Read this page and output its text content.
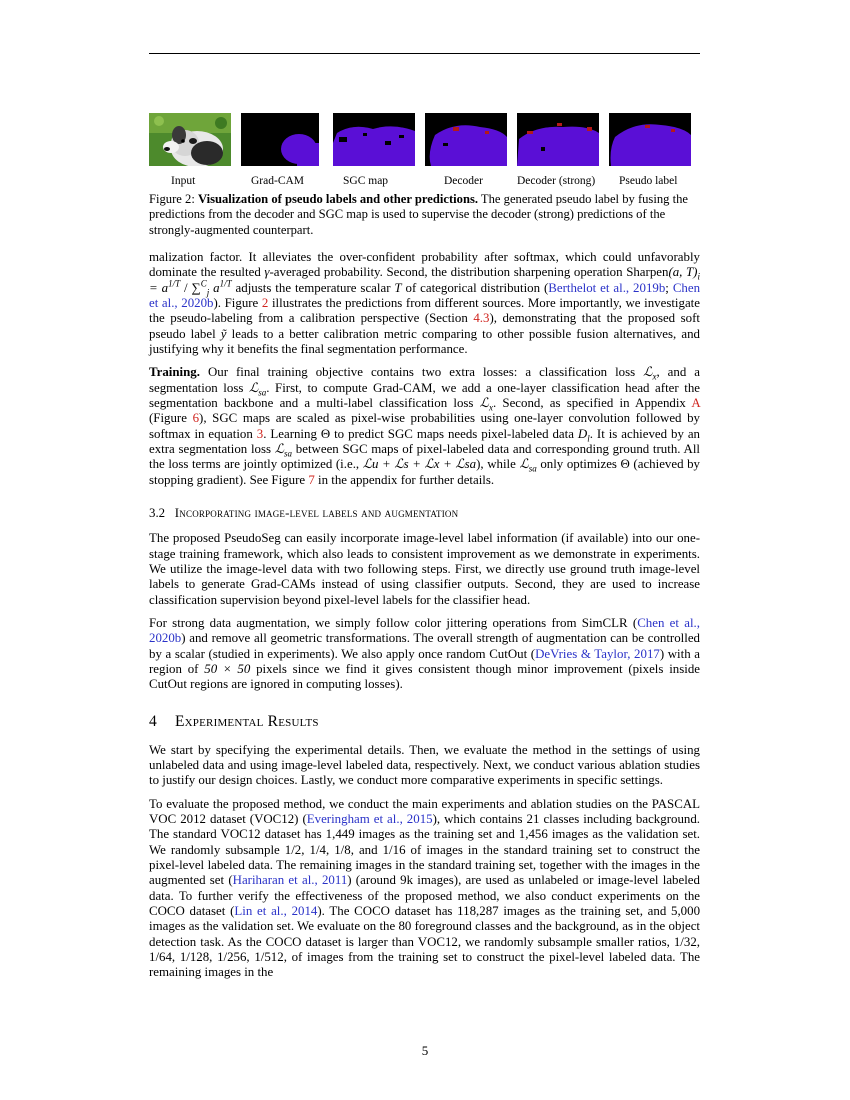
Input	Grad-CAM	SGC map	Decoder	Decoder (strong) Pseudo label
Figure 2: Visualization of pseudo labels and other predictions. The generated pseudo label by fusing the predictions from the decoder and SGC map is used to supervise the decoder (strong) predictions of the strongly-augmented counterpart.

malization factor. It alleviates the over-confident probability after softmax, which could unfavorably dominate the resulted γ-averaged probability. Second, the distribution sharpening operation Sharpen(a, $T)_i = a^{1/T} / \sum^C_j$ $a^{1/T}$ adjusts the temperature scalar T of categorical distribution (Berthelot et al., 2019b; Chen et al., 2020b). Figure 2 illustrates the predictions from different sources. More importantly, we investigate the pseudo-labeling from a calibration perspective (Section 4.3), demonstrating that the proposed soft pseudo label ỹ leads to a better calibration metric comparing to other possible fusion alternatives, and justifying why it benefits the final segmentation performance.

Training. Our final training objective contains two extra losses: a classification loss ℒ$_x$, and a segmentation loss ℒ$_{sa}$. First, to compute Grad-CAM, we add a one-layer classification head after the segmentation backbone and a multi-label classification loss ℒ$_x$. Second, as specified in Appendix A (Figure 6), SGC maps are scaled as pixel-wise probabilities using one-layer convolution followed by softmax in equation 3. Learning Θ to predict SGC maps needs pixel-labeled data $D_l$. It is achieved by an extra segmentation loss ℒ$_{sa}$ between SGC maps of pixel-labeled data and corresponding ground truth. All the loss terms are jointly optimized (i.e., ℒu + ℒs + ℒx + ℒsa), while ℒ$_{sa}$ only optimizes Θ (achieved by stopping gradient). See Figure 7 in the appendix for further details.

3.2 Incorporating image-level labels and augmentation

The proposed PseudoSeg can easily incorporate image-level label information (if available) into our one-stage training framework, which also leads to consistent improvement as we demonstrate in experiments. We utilize the image-level data with two following steps. First, we directly use ground truth image-level labels to generate Grad-CAMs instead of using classifier outputs. Second, they are used to increase classification supervision beyond pixel-level labels for the classifier head.

For strong data augmentation, we simply follow color jittering operations from SimCLR (Chen et al., 2020b) and remove all geometric transformations. The overall strength of augmentation can be controlled by a scalar (studied in experiments). We also apply once random CutOut (DeVries & Taylor, 2017) with a region of 50 × 50 pixels since we find it gives consistent though minor improvement (pixels inside CutOut regions are ignored in computing losses).

4 Experimental Results

We start by specifying the experimental details. Then, we evaluate the method in the settings of using unlabeled data and using image-level labeled data, respectively. Next, we conduct various ablation studies to justify our design choices. Lastly, we conduct more comparative experiments in specific settings.

To evaluate the proposed method, we conduct the main experiments and ablation studies on the PASCAL VOC 2012 dataset (VOC12) (Everingham et al., 2015), which contains 21 classes including background. The standard VOC12 dataset has 1,449 images as the training set and 1,456 images as the validation set. We randomly subsample 1/2, 1/4, 1/8, and 1/16 of images in the standard training set to construct the pixel-level labeled data. The remaining images in the standard training set, together with the images in the augmented set (Hariharan et al., 2011) (around 9k images), are used as unlabeled or image-level labeled data. To further verify the effectiveness of the proposed method, we also conduct experiments on the COCO dataset (Lin et al., 2014). The COCO dataset has 118,287 images as the training set, and 5,000 images as the validation set. We evaluate on the 80 foreground classes and the background, as in the object detection task. As the COCO dataset is larger than VOC12, we randomly subsample smaller ratios, 1/32, 1/64, 1/128, 1/256, 1/512, of images from the training set to construct the pixel-level labeled data. The remaining images in the

5
